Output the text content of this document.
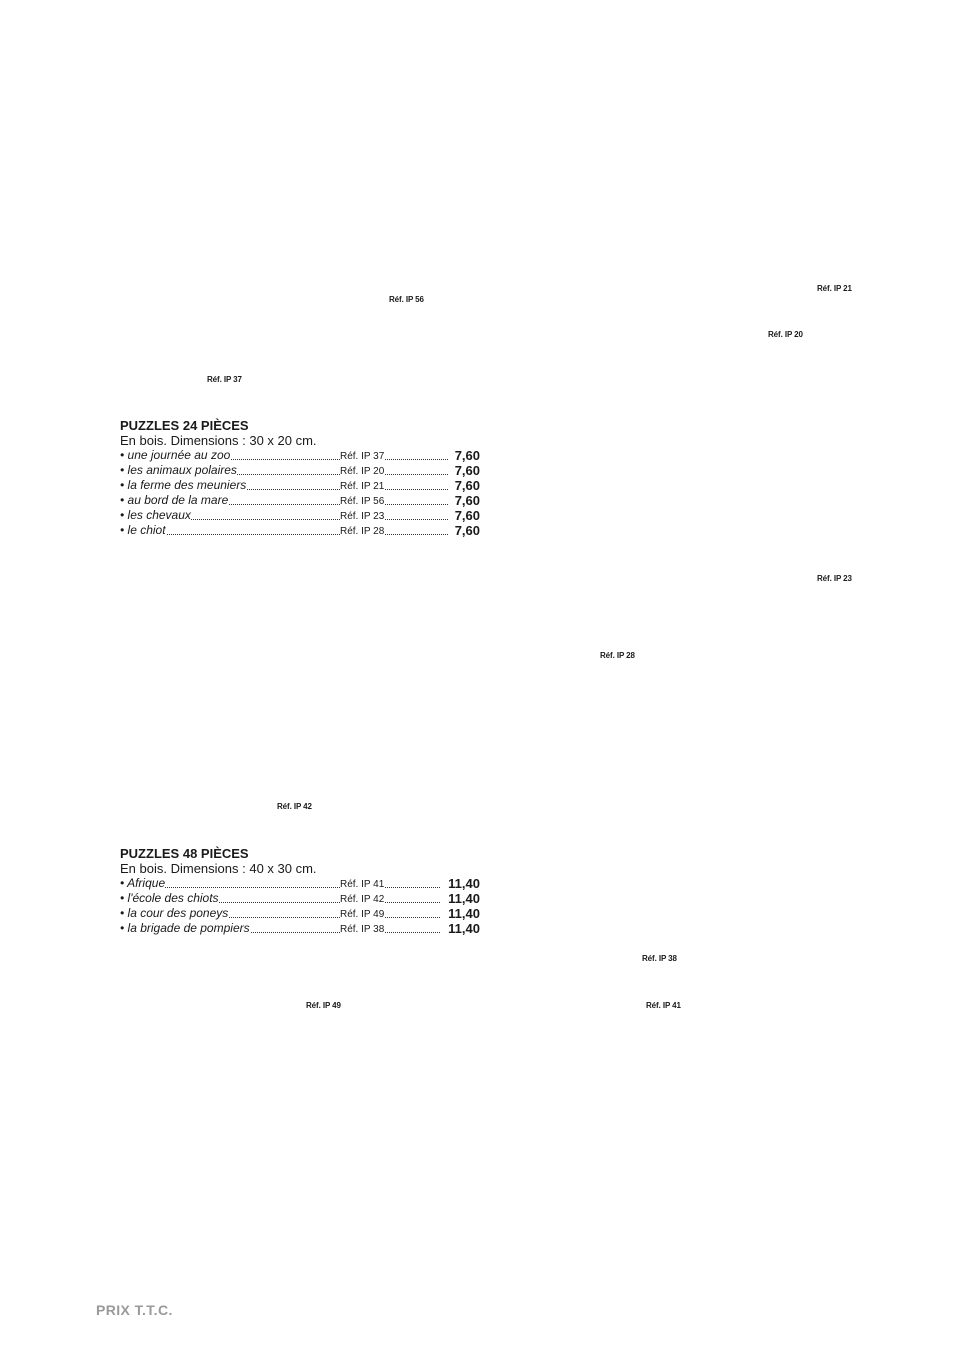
Réf. IP 21
Réf. IP 56
Réf. IP 20
Réf. IP 37
Réf. IP 23
Réf. IP 28
Réf. IP 42
Réf. IP 38
Réf. IP 49	Réf. IP 41

PUZZLES 24 PIÈCES

En bois. Dimensions : 30 x 20 cm.

• une journée au zoo	Réf. IP 37	7,60
• les animaux polaires	Réf. IP 20	7,60
• la ferme des meuniers	Réf. IP 21	7,60
• au bord de la mare	Réf. IP 56	7,60
• les chevaux	Réf. IP 23	7,60
• le chiot	Réf. IP 28	7,60

PUZZLES 48 PIÈCES

En bois. Dimensions : 40 x 30 cm.

• Afrique	Réf. IP 41	11,40
• l'école des chiots	Réf. IP 42	11,40
• la cour des poneys	Réf. IP 49	11,40
• la brigade de pompiers	Réf. IP 38	11,40
PRIX T.T.C.
